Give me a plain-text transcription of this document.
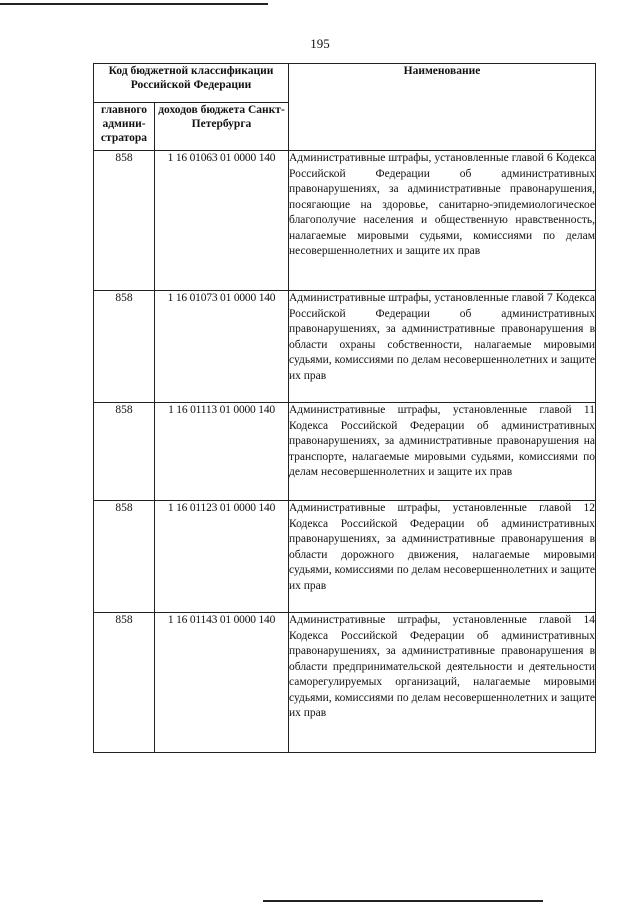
195
Код бюджетной классификации Российской Федерации		Наименование
главного админи-стратора	доходов бюджета Санкт-Петербурга	
858	1 16 01063 01 0000 140	Административные штрафы, установленные главой 6 Кодекса Российской Федерации об административных правонарушениях, за административные правонарушения, посягающие на здоровье, санитарно-эпидемиологическое благополучие населения и общественную нравственность, налагаемые мировыми судьями, комиссиями по делам несовершеннолетних и защите их прав
858	1 16 01073 01 0000 140	Административные штрафы, установленные главой 7 Кодекса Российской Федерации об административных правонарушениях, за административные правонарушения в области охраны собственности, налагаемые мировыми судьями, комиссиями по делам несовершеннолетних и защите их прав
858	1 16 01113 01 0000 140	Административные штрафы, установленные главой 11 Кодекса Российской Федерации об административных правонарушениях, за административные правонарушения на транспорте, налагаемые мировыми судьями, комиссиями по делам несовершеннолетних и защите их прав
858	1 16 01123 01 0000 140	Административные штрафы, установленные главой 12 Кодекса Российской Федерации об административных правонарушениях, за административные правонарушения в области дорожного движения, налагаемые мировыми судьями, комиссиями по делам несовершеннолетних и защите их прав
858	1 16 01143 01 0000 140	Административные штрафы, установленные главой 14 Кодекса Российской Федерации об административных правонарушениях, за административные правонарушения в области предпринимательской деятельности и деятельности саморегулируемых организаций, налагаемые мировыми судьями, комиссиями по делам несовершеннолетних и защите их прав
